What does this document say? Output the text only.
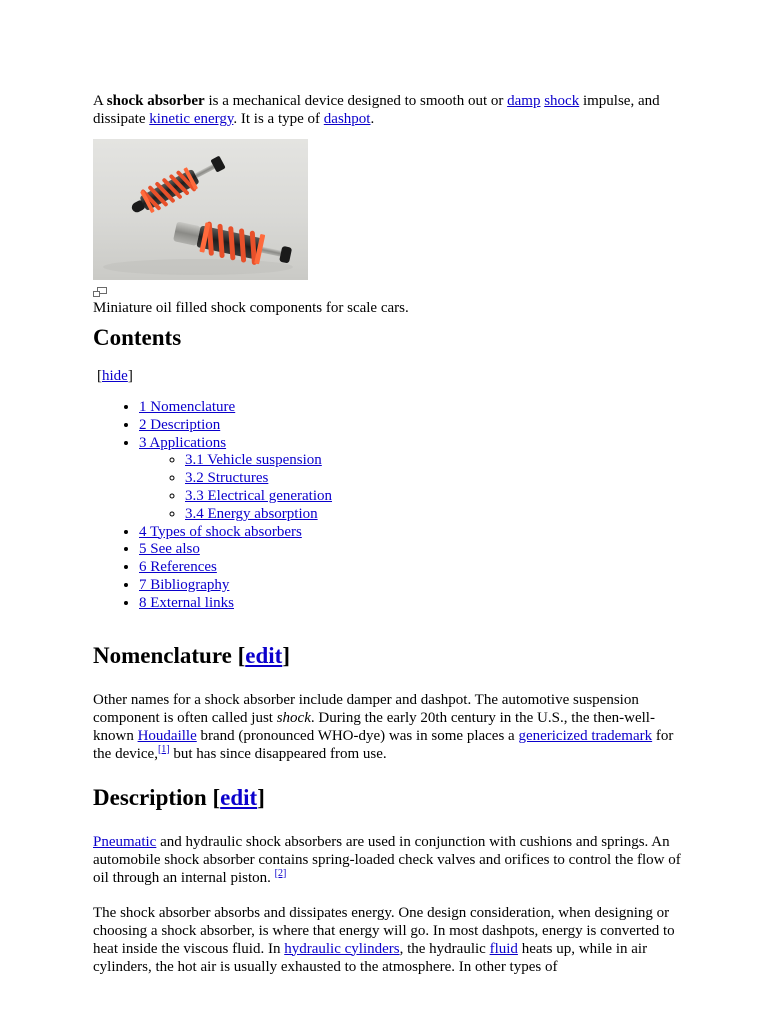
A shock absorber is a mechanical device designed to smooth out or damp shock impulse, and dissipate kinetic energy. It is a type of dashpot.

Miniature oil filled shock components for scale cars.

Contents
[hide]
• 1 Nomenclature
• 2 Description
• 3 Applications
◦ 3.1 Vehicle suspension
◦ 3.2 Structures
◦ 3.3 Electrical generation
◦ 3.4 Energy absorption
• 4 Types of shock absorbers
• 5 See also
• 6 References
• 7 Bibliography
• 8 External links
Nomenclature [edit]

Other names for a shock absorber include damper and dashpot. The automotive suspension component is often called just shock. During the early 20th century in the U.S., the then-well-known Houdaille brand (pronounced WHO-dye) was in some places a genericized trademark for the device,[1] but has since disappeared from use.

Description [edit]

Pneumatic and hydraulic shock absorbers are used in conjunction with cushions and springs. An automobile shock absorber contains spring-loaded check valves and orifices to control the flow of oil through an internal piston. [2]

The shock absorber absorbs and dissipates energy. One design consideration, when designing or choosing a shock absorber, is where that energy will go. In most dashpots, energy is converted to heat inside the viscous fluid. In hydraulic cylinders, the hydraulic fluid heats up, while in air cylinders, the hot air is usually exhausted to the atmosphere. In other types of
